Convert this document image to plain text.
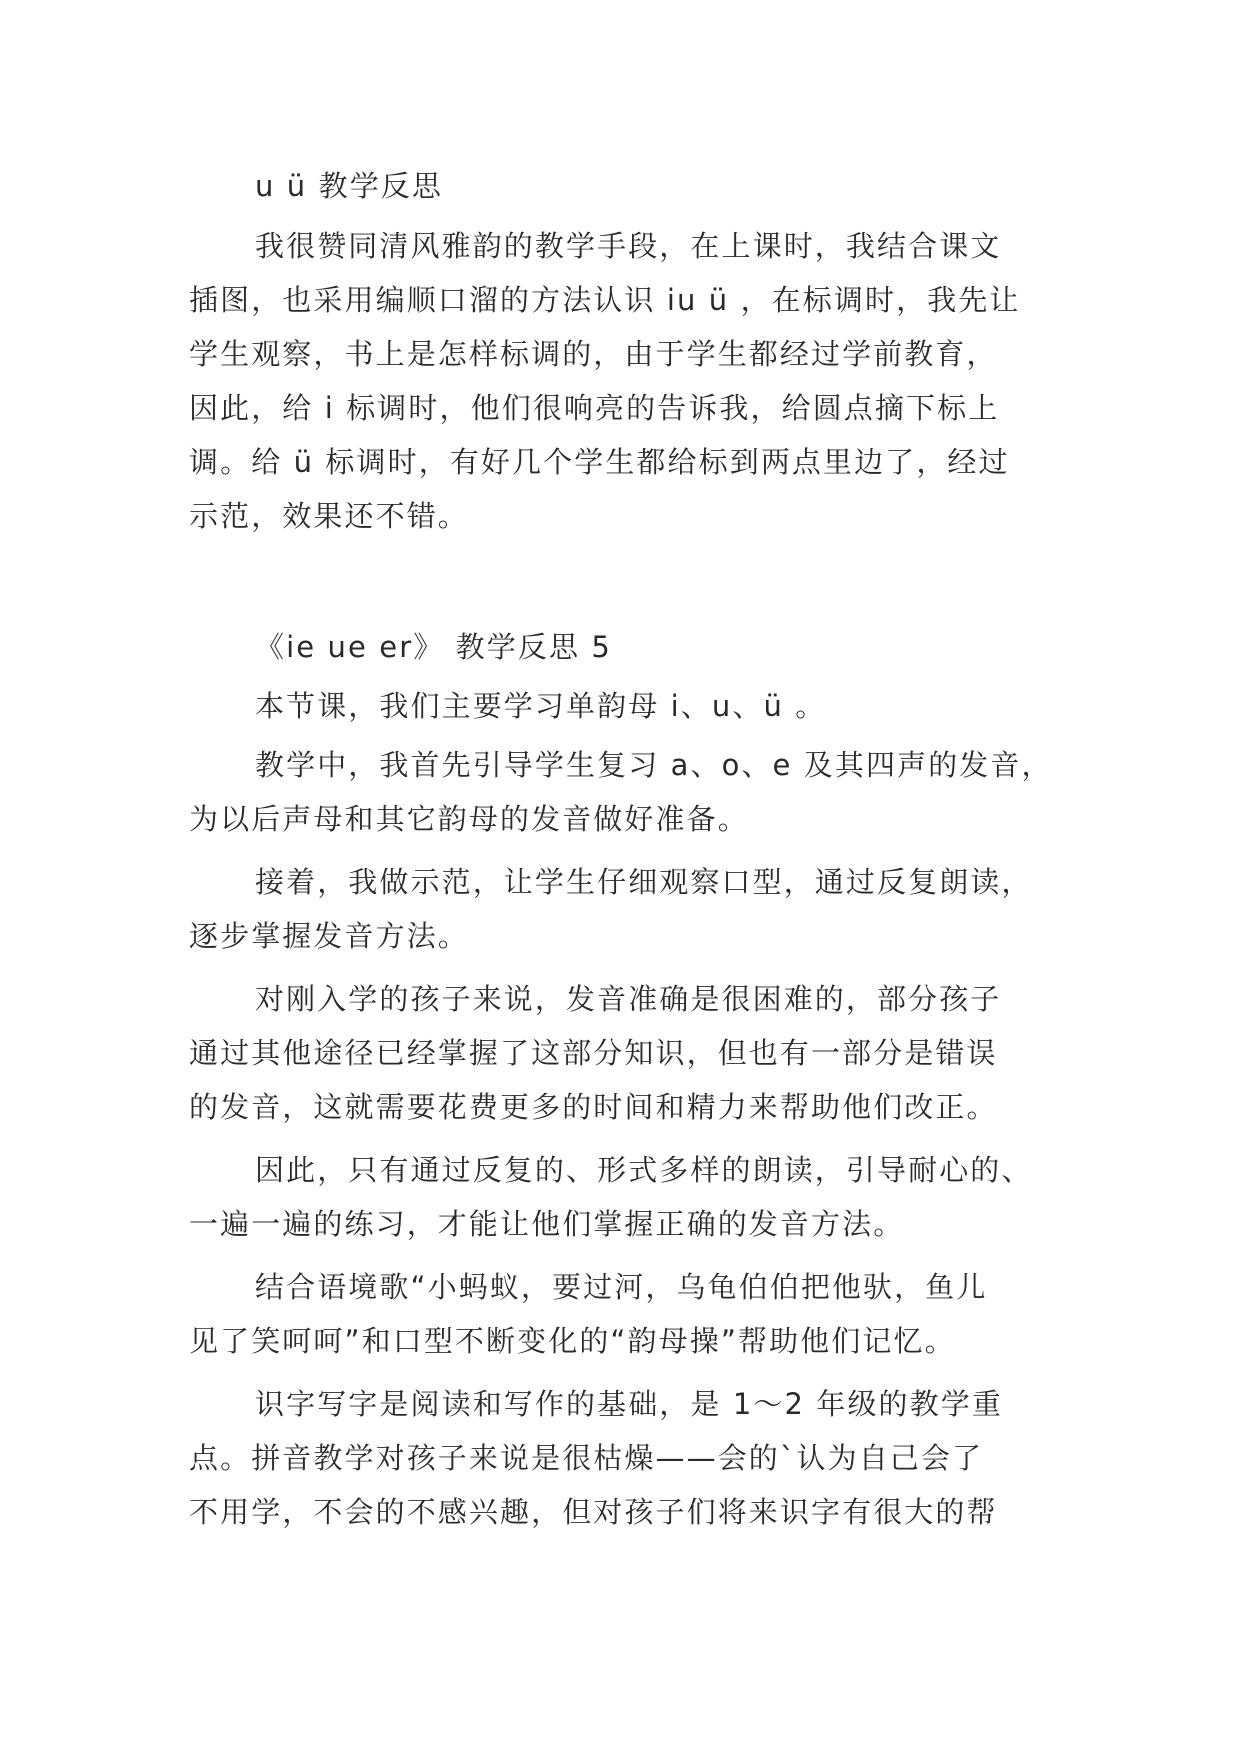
u ü 教学反思
我很赞同清风雅韵的教学手段，在上课时，我结合课文
插图，也采用编顺口溜的方法认识 iu ü ，在标调时，我先让
学生观察，书上是怎样标调的，由于学生都经过学前教育，
因此，给 i 标调时，他们很响亮的告诉我，给圆点摘下标上
调。给 ü 标调时，有好几个学生都给标到两点里边了，经过
示范，效果还不错。
《ie ue er》 教学反思 5
本节课，我们主要学习单韵母 i、u、ü 。
教学中，我首先引导学生复习 a、o、e 及其四声的发音，
为以后声母和其它韵母的发音做好准备。
接着，我做示范，让学生仔细观察口型，通过反复朗读，
逐步掌握发音方法。
对刚入学的孩子来说，发音准确是很困难的，部分孩子
通过其他途径已经掌握了这部分知识，但也有一部分是错误
的发音，这就需要花费更多的时间和精力来帮助他们改正。
因此，只有通过反复的、形式多样的朗读，引导耐心的、
一遍一遍的练习，才能让他们掌握正确的发音方法。
结合语境歌“小蚂蚁，要过河，乌龟伯伯把他驮，鱼儿
见了笑呵呵”和口型不断变化的“韵母操”帮助他们记忆。
识字写字是阅读和写作的基础，是 1～2 年级的教学重
点。拼音教学对孩子来说是很枯燥——会的`认为自己会了
不用学，不会的不感兴趣，但对孩子们将来识字有很大的帮
